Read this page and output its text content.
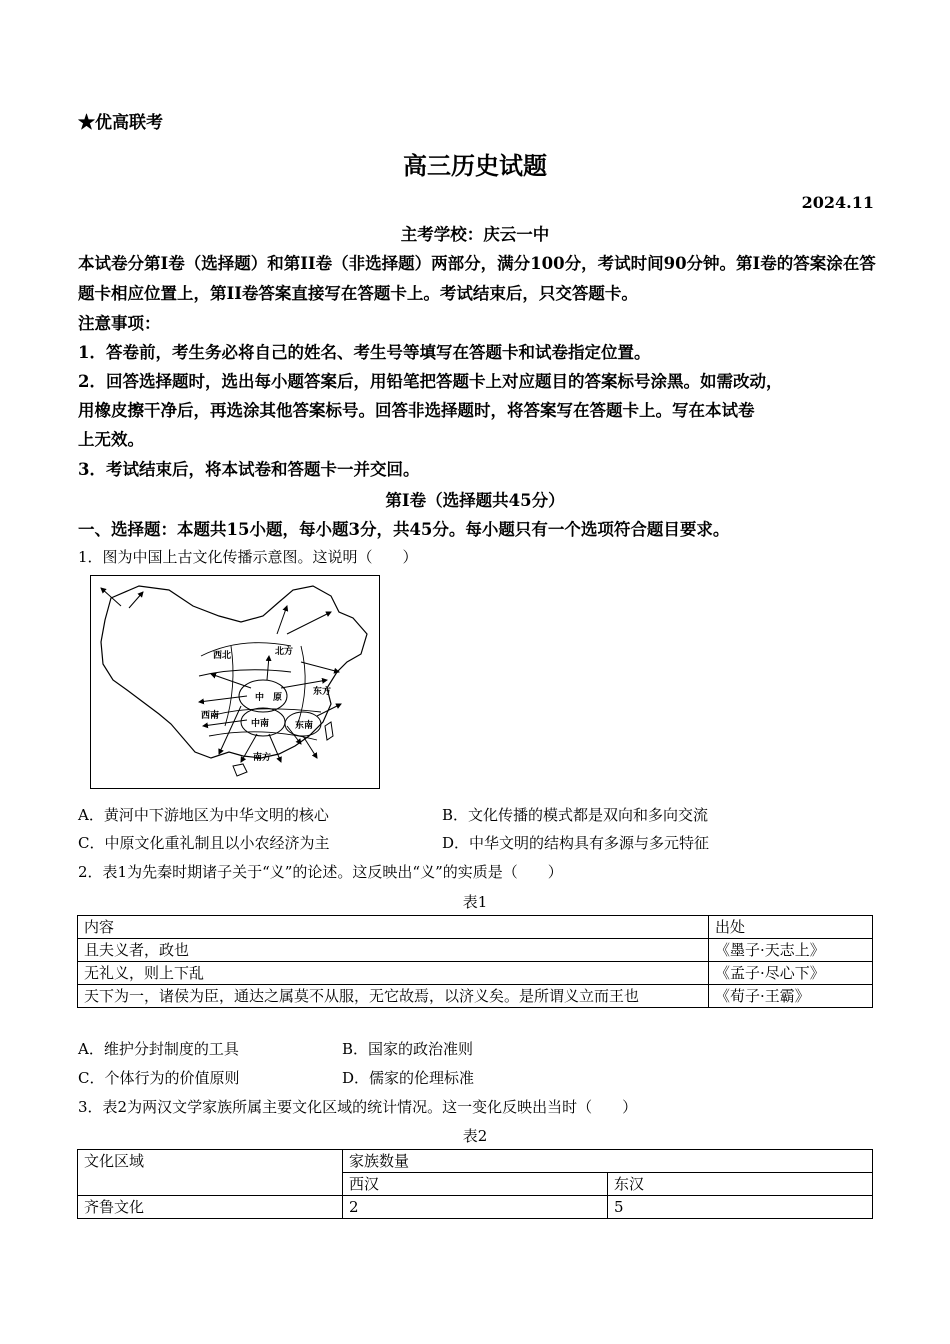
★优高联考
高三历史试题
2024.11
主考学校：庆云一中
本试卷分第I卷（选择题）和第II卷（非选择题）两部分，满分100分，考试时间90分钟。第I卷的答案涂在答题卡相应位置上，第II卷答案直接写在答题卡上。考试结束后，只交答题卡。
注意事项：
1．答卷前，考生务必将自己的姓名、考生号等填写在答题卡和试卷指定位置。
2．回答选择题时，选出每小题答案后，用铅笔把答题卡上对应题目的答案标号涂黑。如需改动，
用橡皮擦干净后，再选涂其他答案标号。回答非选择题时，将答案写在答题卡上。写在本试卷
上无效。
3．考试结束后，将本试卷和答题卡一并交回。
第I卷（选择题共45分）
一、选择题：本题共15小题，每小题3分，共45分。每小题只有一个选项符合题目要求。
1．图为中国上古文化传播示意图。这说明（　　）
西北	北方
东方
中　原
西南
中南	东南
南方
A．黄河中下游地区为中华文明的核心	B．文化传播的模式都是双向和多向交流
C．中原文化重礼制且以小农经济为主	D．中华文明的结构具有多源与多元特征
2．表1为先秦时期诸子关于“义”的论述。这反映出“义”的实质是（　　）
表1
内容	出处
且夫义者，政也	《墨子·天志上》
无礼义，则上下乱	《孟子·尽心下》
天下为一，诸侯为臣，通达之属莫不从服，无它故焉，以济义矣。是所谓义立而王也	《荀子·王霸》
A．维护分封制度的工具	B．国家的政治准则
C．个体行为的价值原则	D．儒家的伦理标准
3．表2为两汉文学家族所属主要文化区域的统计情况。这一变化反映出当时（　　）
表2
文化区域	家族数量	
	西汉	东汉
齐鲁文化	2	5
